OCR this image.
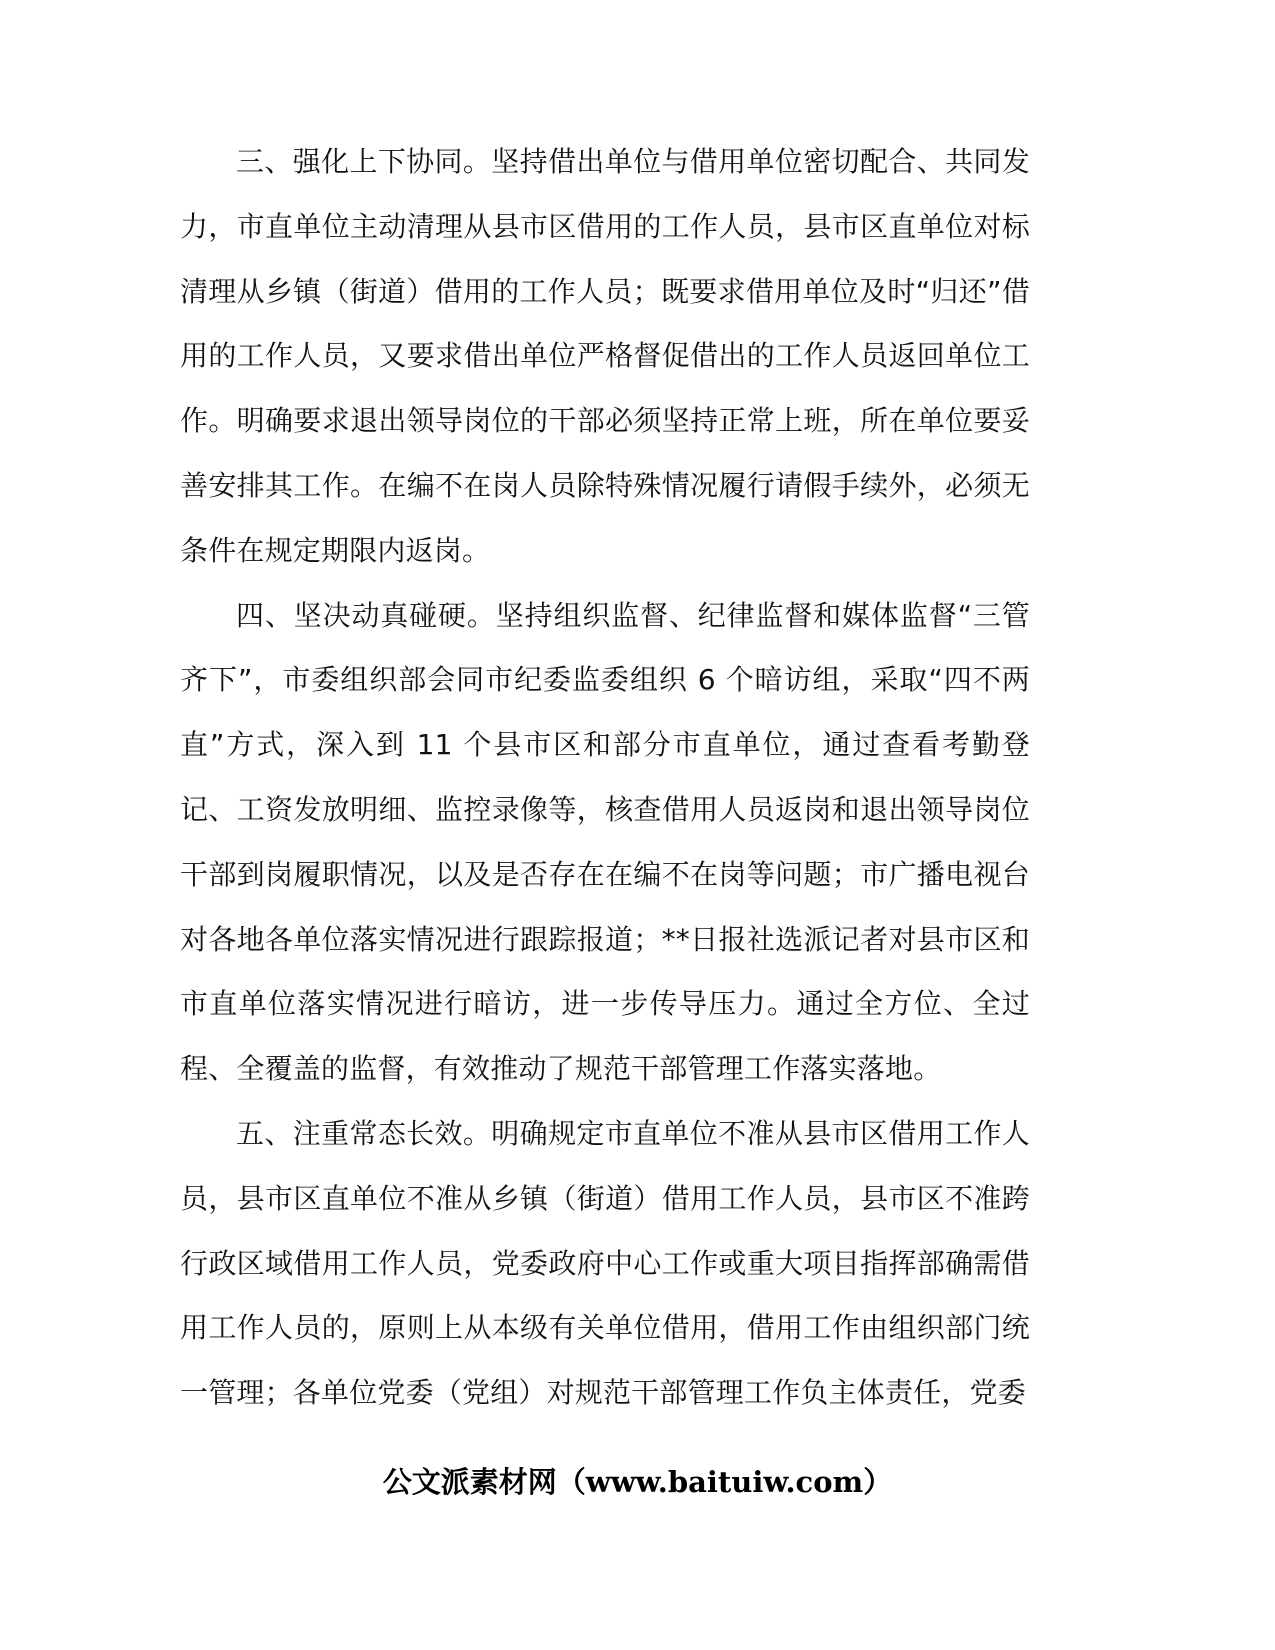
三、强化上下协同。坚持借出单位与借用单位密切配合、共同发力，市直单位主动清理从县市区借用的工作人员，县市区直单位对标清理从乡镇（街道）借用的工作人员；既要求借用单位及时“归还”借用的工作人员，又要求借出单位严格督促借出的工作人员返回单位工作。明确要求退出领导岗位的干部必须坚持正常上班，所在单位要妥善安排其工作。在编不在岗人员除特殊情况履行请假手续外，必须无条件在规定期限内返岗。

四、坚决动真碰硬。坚持组织监督、纪律监督和媒体监督“三管齐下”，市委组织部会同市纪委监委组织 6 个暗访组，采取“四不两直”方式，深入到 11 个县市区和部分市直单位，通过查看考勤登记、工资发放明细、监控录像等，核查借用人员返岗和退出领导岗位干部到岗履职情况，以及是否存在在编不在岗等问题；市广播电视台对各地各单位落实情况进行跟踪报道；**日报社选派记者对县市区和市直单位落实情况进行暗访，进一步传导压力。通过全方位、全过程、全覆盖的监督，有效推动了规范干部管理工作落实落地。

五、注重常态长效。明确规定市直单位不准从县市区借用工作人员，县市区直单位不准从乡镇（街道）借用工作人员，县市区不准跨行政区域借用工作人员，党委政府中心工作或重大项目指挥部确需借用工作人员的，原则上从本级有关单位借用，借用工作由组织部门统一管理；各单位党委（党组）对规范干部管理工作负主体责任，党委

公文派素材网（www.baituiw.com）
